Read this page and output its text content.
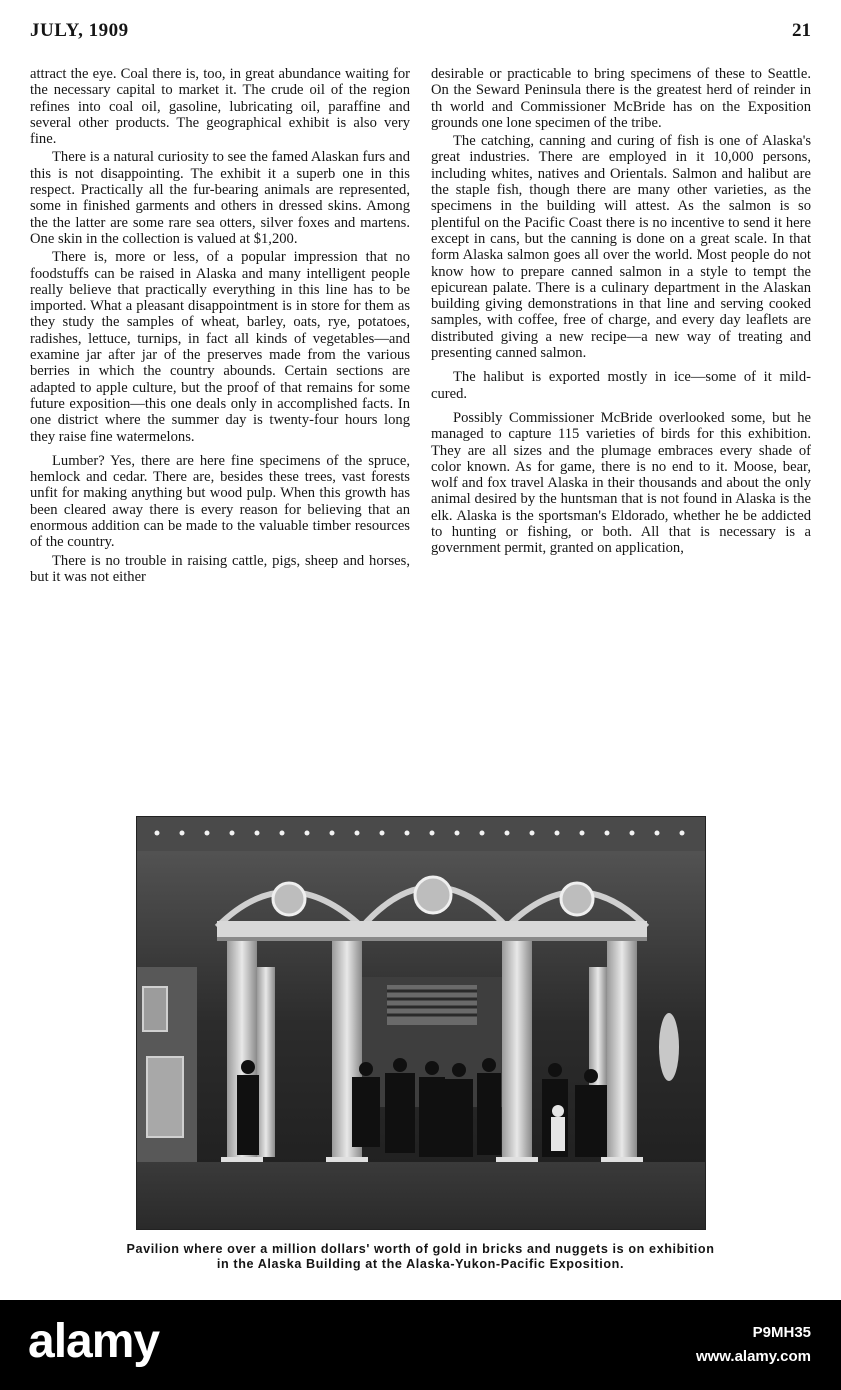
JULY, 1909	21

attract the eye. Coal there is, too, in great abundance waiting for the necessary capital to market it. The crude oil of the region refines into coal oil, gasoline, lubricating oil, paraffine and several other products. The geographical exhibit is also very fine.

There is a natural curiosity to see the famed Alaskan furs and this is not disappointing. The exhibit it a superb one in this respect. Practically all the fur-bearing animals are represented, some in finished garments and others in dressed skins. Among the the latter are some rare sea otters, silver foxes and martens. One skin in the collection is valued at $1,200.

There is, more or less, of a popular impression that no foodstuffs can be raised in Alaska and many intelligent people really believe that practically everything in this line has to be imported. What a pleasant disappointment is in store for them as they study the samples of wheat, barley, oats, rye, potatoes, radishes, lettuce, turnips, in fact all kinds of vegetables—and examine jar after jar of the preserves made from the various berries in which the country abounds. Certain sections are adapted to apple culture, but the proof of that remains for some future exposition—this one deals only in accomplished facts. In one district where the summer day is twenty-four hours long they raise fine watermelons.

Lumber? Yes, there are here fine specimens of the spruce, hemlock and cedar. There are, besides these trees, vast forests unfit for making anything but wood pulp. When this growth has been cleared away there is every reason for believing that an enormous addition can be made to the valuable timber resources of the country.

There is no trouble in raising cattle, pigs, sheep and horses, but it was not either

desirable or practicable to bring specimens of these to Seattle. On the Seward Peninsula there is the greatest herd of reinder in th world and Commissioner McBride has on the Exposition grounds one lone specimen of the tribe.

The catching, canning and curing of fish is one of Alaska's great industries. There are employed in it 10,000 persons, including whites, natives and Orientals. Salmon and halibut are the staple fish, though there are many other varieties, as the specimens in the building will attest. As the salmon is so plentiful on the Pacific Coast there is no incentive to send it here except in cans, but the canning is done on a great scale. In that form Alaska salmon goes all over the world. Most people do not know how to prepare canned salmon in a style to tempt the epicurean palate. There is a culinary department in the Alaskan building giving demonstrations in that line and serving cooked samples, with coffee, free of charge, and every day leaflets are distributed giving a new recipe—a new way of treating and presenting canned salmon.

The halibut is exported mostly in ice—some of it mild-cured.

Possibly Commissioner McBride overlooked some, but he managed to capture 115 varieties of birds for this exhibition. They are all sizes and the plumage embraces every shade of color known. As for game, there is no end to it. Moose, bear, wolf and fox travel Alaska in their thousands and about the only animal desired by the huntsman that is not found in Alaska is the elk. Alaska is the sportsman's Eldorado, whether he be addicted to hunting or fishing, or both. All that is necessary is a government permit, granted on application,

Pavilion where over a million dollars' worth of gold in bricks and nuggets is on exhibition
in the Alaska Building at the Alaska-Yukon-Pacific Exposition.
alamy	P9MH35
www.alamy.com
